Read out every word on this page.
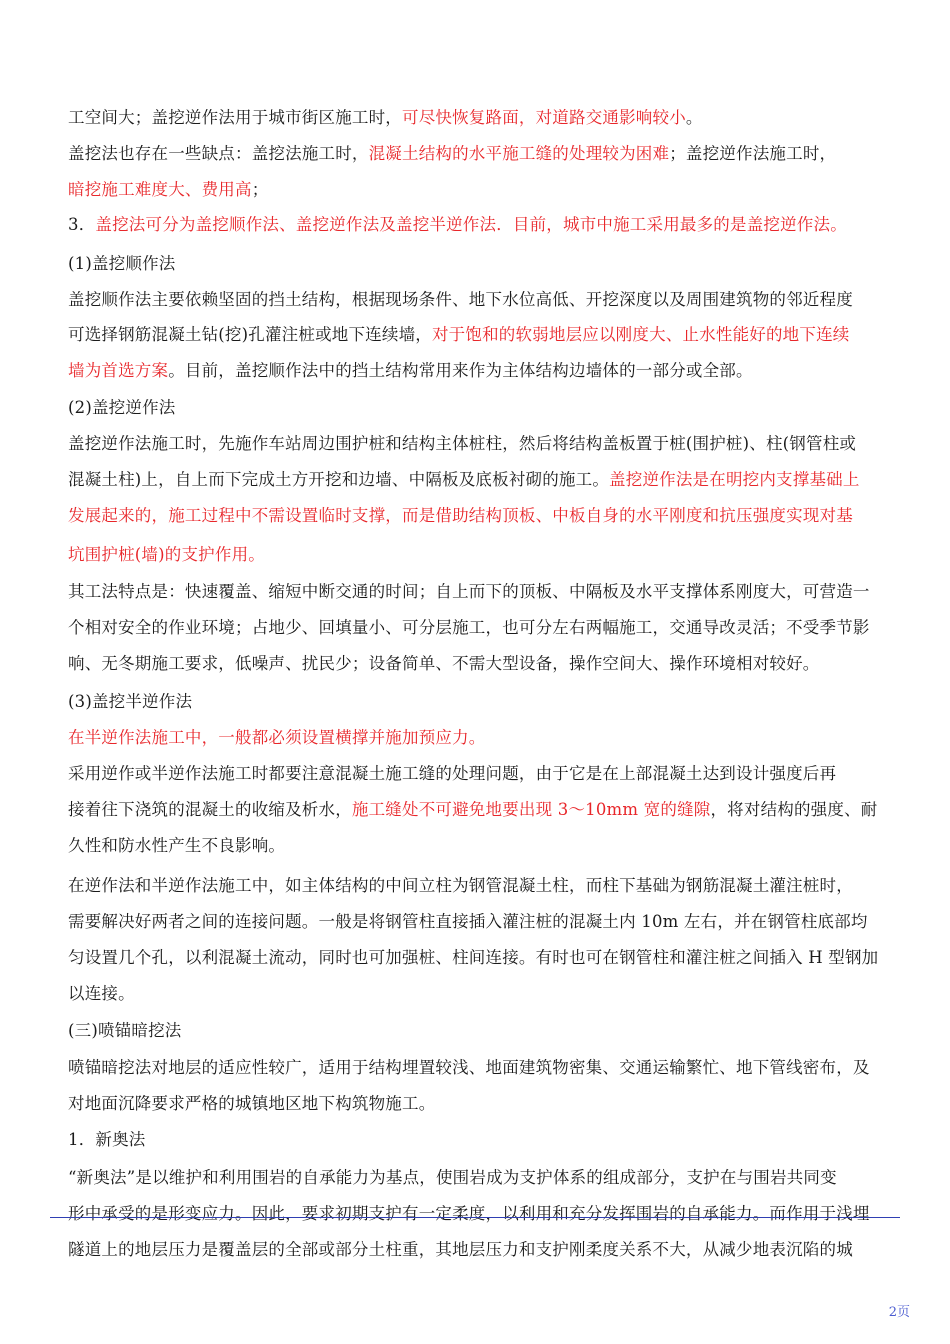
工空间大；盖挖逆作法用于城市街区施工时，可尽快恢复路面，对道路交通影响较小。
盖挖法也存在一些缺点：盖挖法施工时，混凝土结构的水平施工缝的处理较为困难；盖挖逆作法施工时，
暗挖施工难度大、费用高；
3．盖挖法可分为盖挖顺作法、盖挖逆作法及盖挖半逆作法．目前，城市中施工采用最多的是盖挖逆作法。
(1)盖挖顺作法
盖挖顺作法主要依赖坚固的挡土结构，根据现场条件、地下水位高低、开挖深度以及周围建筑物的邻近程度
可选择钢筋混凝土钻(挖)孔灌注桩或地下连续墙，对于饱和的软弱地层应以刚度大、止水性能好的地下连续
墙为首选方案。目前，盖挖顺作法中的挡土结构常用来作为主体结构边墙体的一部分或全部。
(2)盖挖逆作法
盖挖逆作法施工时，先施作车站周边围护桩和结构主体桩柱，然后将结构盖板置于桩(围护桩)、柱(钢管柱或
混凝土柱)上，自上而下完成土方开挖和边墙、中隔板及底板衬砌的施工。盖挖逆作法是在明挖内支撑基础上
发展起来的，施工过程中不需设置临时支撑，而是借助结构顶板、中板自身的水平刚度和抗压强度实现对基
坑围护桩(墙)的支护作用。
其工法特点是：快速覆盖、缩短中断交通的时间；自上而下的顶板、中隔板及水平支撑体系刚度大，可营造一
个相对安全的作业环境；占地少、回填量小、可分层施工，也可分左右两幅施工，交通导改灵活；不受季节影
响、无冬期施工要求，低噪声、扰民少；设备简单、不需大型设备，操作空间大、操作环境相对较好。
(3)盖挖半逆作法
在半逆作法施工中，一般都必须设置横撑并施加预应力。
采用逆作或半逆作法施工时都要注意混凝土施工缝的处理问题，由于它是在上部混凝土达到设计强度后再
接着往下浇筑的混凝土的收缩及析水，施工缝处不可避免地要出现 3～10mm 宽的缝隙，将对结构的强度、耐
久性和防水性产生不良影响。
在逆作法和半逆作法施工中，如主体结构的中间立柱为钢管混凝土柱，而柱下基础为钢筋混凝土灌注桩时，
需要解决好两者之间的连接问题。一般是将钢管柱直接插入灌注桩的混凝土内 10m 左右，并在钢管柱底部均
匀设置几个孔，以利混凝土流动，同时也可加强桩、柱间连接。有时也可在钢管柱和灌注桩之间插入 H 型钢加
以连接。
(三)喷锚暗挖法
喷锚暗挖法对地层的适应性较广，适用于结构埋置较浅、地面建筑物密集、交通运输繁忙、地下管线密布，及
对地面沉降要求严格的城镇地区地下构筑物施工。
1．新奥法
“新奥法”是以维护和利用围岩的自承能力为基点，使围岩成为支护体系的组成部分，支护在与围岩共同变
形中承受的是形变应力。因此，要求初期支护有一定柔度，以利用和充分发挥围岩的自承能力。而作用于浅埋
隧道上的地层压力是覆盖层的全部或部分土柱重，其地层压力和支护刚柔度关系不大，从减少地表沉陷的城
2页
